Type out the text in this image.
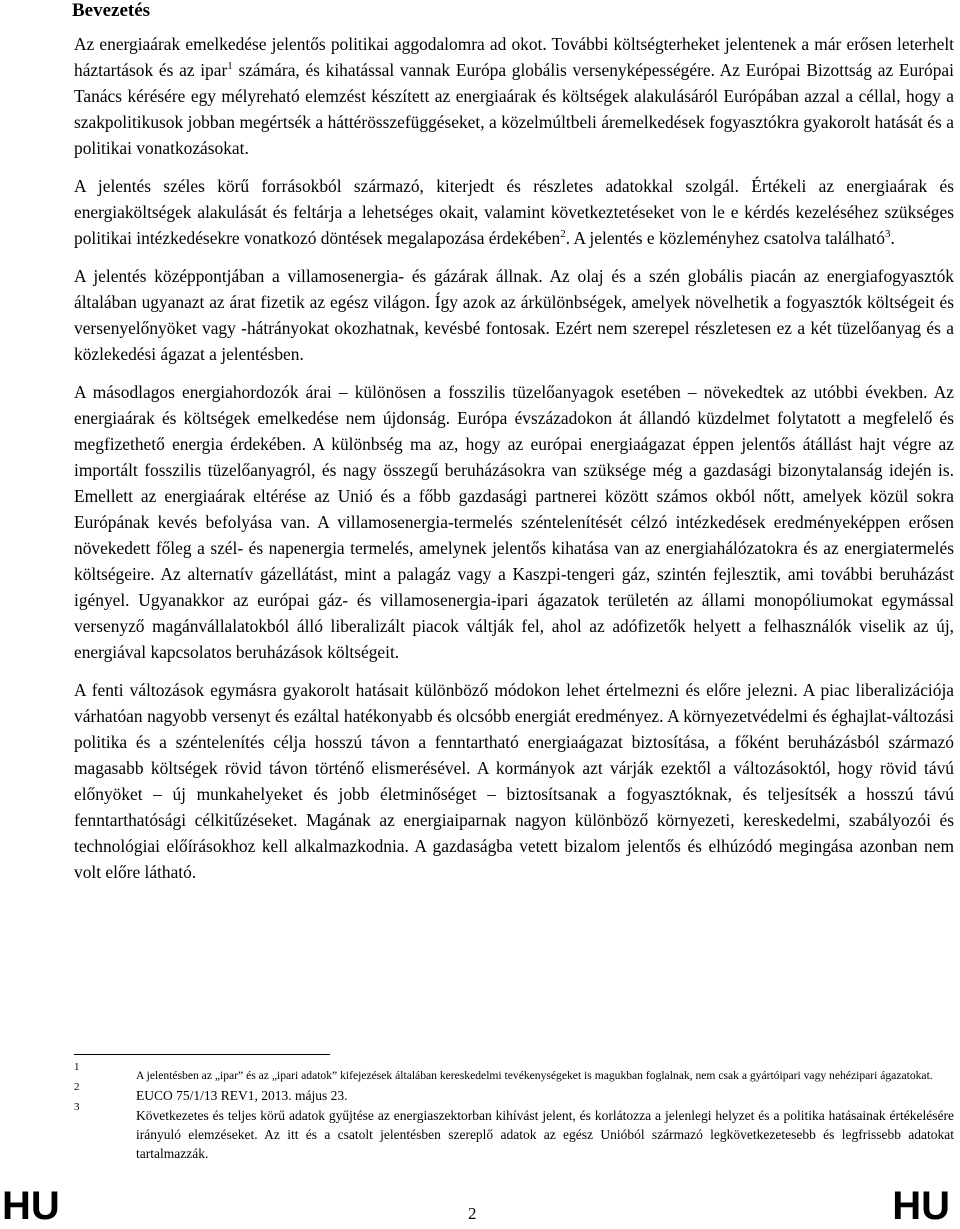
Bevezetés

Az energiaárak emelkedése jelentős politikai aggodalomra ad okot. További költségterheket jelentenek a már erősen leterhelt háztartások és az ipar$^1$ számára, és kihatással vannak Európa globális versenyképességére. Az Európai Bizottság az Európai Tanács kérésére egy mélyreható elemzést készített az energiaárak és költségek alakulásáról Európában azzal a céllal, hogy a szakpolitikusok jobban megértsék a háttérösszefüggéseket, a közelmúltbeli áremelkedések fogyasztókra gyakorolt hatását és a politikai vonatkozásokat.

A jelentés széles körű forrásokból származó, kiterjedt és részletes adatokkal szolgál. Értékeli az energiaárak és energiaköltségek alakulását és feltárja a lehetséges okait, valamint következtetéseket von le e kérdés kezeléséhez szükséges politikai intézkedésekre vonatkozó döntések megalapozása érdekében$^2$. A jelentés e közleményhez csatolva található$^3$.

A jelentés középpontjában a villamosenergia- és gázárak állnak. Az olaj és a szén globális piacán az energiafogyasztók általában ugyanazt az árat fizetik az egész világon. Így azok az árkülönbségek, amelyek növelhetik a fogyasztók költségeit és versenyelőnyöket vagy -hátrányokat okozhatnak, kevésbé fontosak. Ezért nem szerepel részletesen ez a két tüzelőanyag és a közlekedési ágazat a jelentésben.

A másodlagos energiahordozók árai – különösen a fosszilis tüzelőanyagok esetében – növekedtek az utóbbi években. Az energiaárak és költségek emelkedése nem újdonság. Európa évszázadokon át állandó küzdelmet folytatott a megfelelő és megfizethető energia érdekében. A különbség ma az, hogy az európai energiaágazat éppen jelentős átállást hajt végre az importált fosszilis tüzelőanyagról, és nagy összegű beruházásokra van szüksége még a gazdasági bizonytalanság idején is. Emellett az energiaárak eltérése az Unió és a főbb gazdasági partnerei között számos okból nőtt, amelyek közül sokra Európának kevés befolyása van. A villamosenergia-termelés széntelenítését célzó intézkedések eredményeképpen erősen növekedett főleg a szél- és napenergia termelés, amelynek jelentős kihatása van az energiahálózatokra és az energiatermelés költségeire. Az alternatív gázellátást, mint a palagáz vagy a Kaszpi-tengeri gáz, szintén fejlesztik, ami további beruházást igényel. Ugyanakkor az európai gáz- és villamosenergia-ipari ágazatok területén az állami monopóliumokat egymással versenyző magánvállalatokból álló liberalizált piacok váltják fel, ahol az adófizetők helyett a felhasználók viselik az új, energiával kapcsolatos beruházások költségeit.

A fenti változások egymásra gyakorolt hatásait különböző módokon lehet értelmezni és előre jelezni. A piac liberalizációja várhatóan nagyobb versenyt és ezáltal hatékonyabb és olcsóbb energiát eredményez. A környezetvédelmi és éghajlat-változási politika és a széntelenítés célja hosszú távon a fenntartható energiaágazat biztosítása, a főként beruházásból származó magasabb költségek rövid távon történő elismerésével. A kormányok azt várják ezektől a változásoktól, hogy rövid távú előnyöket – új munkahelyeket és jobb életminőséget – biztosítsanak a fogyasztóknak, és teljesítsék a hosszú távú fenntarthatósági célkitűzéseket. Magának az energiaiparnak nagyon különböző környezeti, kereskedelmi, szabályozói és technológiai előírásokhoz kell alkalmazkodnia. A gazdaságba vetett bizalom jelentős és elhúzódó megingása azonban nem volt előre látható.

1
A jelentésben az „ipar” és az „ipari adatok” kifejezések általában kereskedelmi tevékenységeket is magukban foglalnak, nem csak a gyártóipari vagy nehézipari ágazatokat.
2
EUCO 75/1/13 REV1, 2013. május 23.
3
Következetes és teljes körű adatok gyűjtése az energiaszektorban kihívást jelent, és korlátozza a jelenlegi helyzet és a politika hatásainak értékelésére irányuló elemzéseket. Az itt és a csatolt jelentésben szereplő adatok az egész Unióból származó legkövetkezetesebb és legfrissebb adatokat tartalmazzák.
HU	2	HU
